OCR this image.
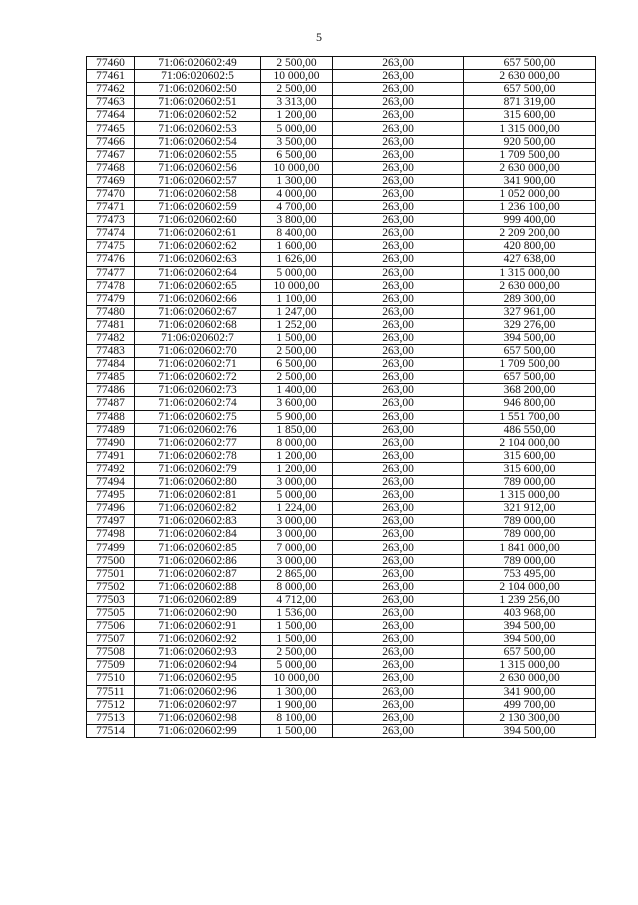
5
77460	71:06:020602:49	2 500,00	263,00	657 500,00
77461	71:06:020602:5	10 000,00	263,00	2 630 000,00
77462	71:06:020602:50	2 500,00	263,00	657 500,00
77463	71:06:020602:51	3 313,00	263,00	871 319,00
77464	71:06:020602:52	1 200,00	263,00	315 600,00
77465	71:06:020602:53	5 000,00	263,00	1 315 000,00
77466	71:06:020602:54	3 500,00	263,00	920 500,00
77467	71:06:020602:55	6 500,00	263,00	1 709 500,00
77468	71:06:020602:56	10 000,00	263,00	2 630 000,00
77469	71:06:020602:57	1 300,00	263,00	341 900,00
77470	71:06:020602:58	4 000,00	263,00	1 052 000,00
77471	71:06:020602:59	4 700,00	263,00	1 236 100,00
77473	71:06:020602:60	3 800,00	263,00	999 400,00
77474	71:06:020602:61	8 400,00	263,00	2 209 200,00
77475	71:06:020602:62	1 600,00	263,00	420 800,00
77476	71:06:020602:63	1 626,00	263,00	427 638,00
77477	71:06:020602:64	5 000,00	263,00	1 315 000,00
77478	71:06:020602:65	10 000,00	263,00	2 630 000,00
77479	71:06:020602:66	1 100,00	263,00	289 300,00
77480	71:06:020602:67	1 247,00	263,00	327 961,00
77481	71:06:020602:68	1 252,00	263,00	329 276,00
77482	71:06:020602:7	1 500,00	263,00	394 500,00
77483	71:06:020602:70	2 500,00	263,00	657 500,00
77484	71:06:020602:71	6 500,00	263,00	1 709 500,00
77485	71:06:020602:72	2 500,00	263,00	657 500,00
77486	71:06:020602:73	1 400,00	263,00	368 200,00
77487	71:06:020602:74	3 600,00	263,00	946 800,00
77488	71:06:020602:75	5 900,00	263,00	1 551 700,00
77489	71:06:020602:76	1 850,00	263,00	486 550,00
77490	71:06:020602:77	8 000,00	263,00	2 104 000,00
77491	71:06:020602:78	1 200,00	263,00	315 600,00
77492	71:06:020602:79	1 200,00	263,00	315 600,00
77494	71:06:020602:80	3 000,00	263,00	789 000,00
77495	71:06:020602:81	5 000,00	263,00	1 315 000,00
77496	71:06:020602:82	1 224,00	263,00	321 912,00
77497	71:06:020602:83	3 000,00	263,00	789 000,00
77498	71:06:020602:84	3 000,00	263,00	789 000,00
77499	71:06:020602:85	7 000,00	263,00	1 841 000,00
77500	71:06:020602:86	3 000,00	263,00	789 000,00
77501	71:06:020602:87	2 865,00	263,00	753 495,00
77502	71:06:020602:88	8 000,00	263,00	2 104 000,00
77503	71:06:020602:89	4 712,00	263,00	1 239 256,00
77505	71:06:020602:90	1 536,00	263,00	403 968,00
77506	71:06:020602:91	1 500,00	263,00	394 500,00
77507	71:06:020602:92	1 500,00	263,00	394 500,00
77508	71:06:020602:93	2 500,00	263,00	657 500,00
77509	71:06:020602:94	5 000,00	263,00	1 315 000,00
77510	71:06:020602:95	10 000,00	263,00	2 630 000,00
77511	71:06:020602:96	1 300,00	263,00	341 900,00
77512	71:06:020602:97	1 900,00	263,00	499 700,00
77513	71:06:020602:98	8 100,00	263,00	2 130 300,00
77514	71:06:020602:99	1 500,00	263,00	394 500,00
